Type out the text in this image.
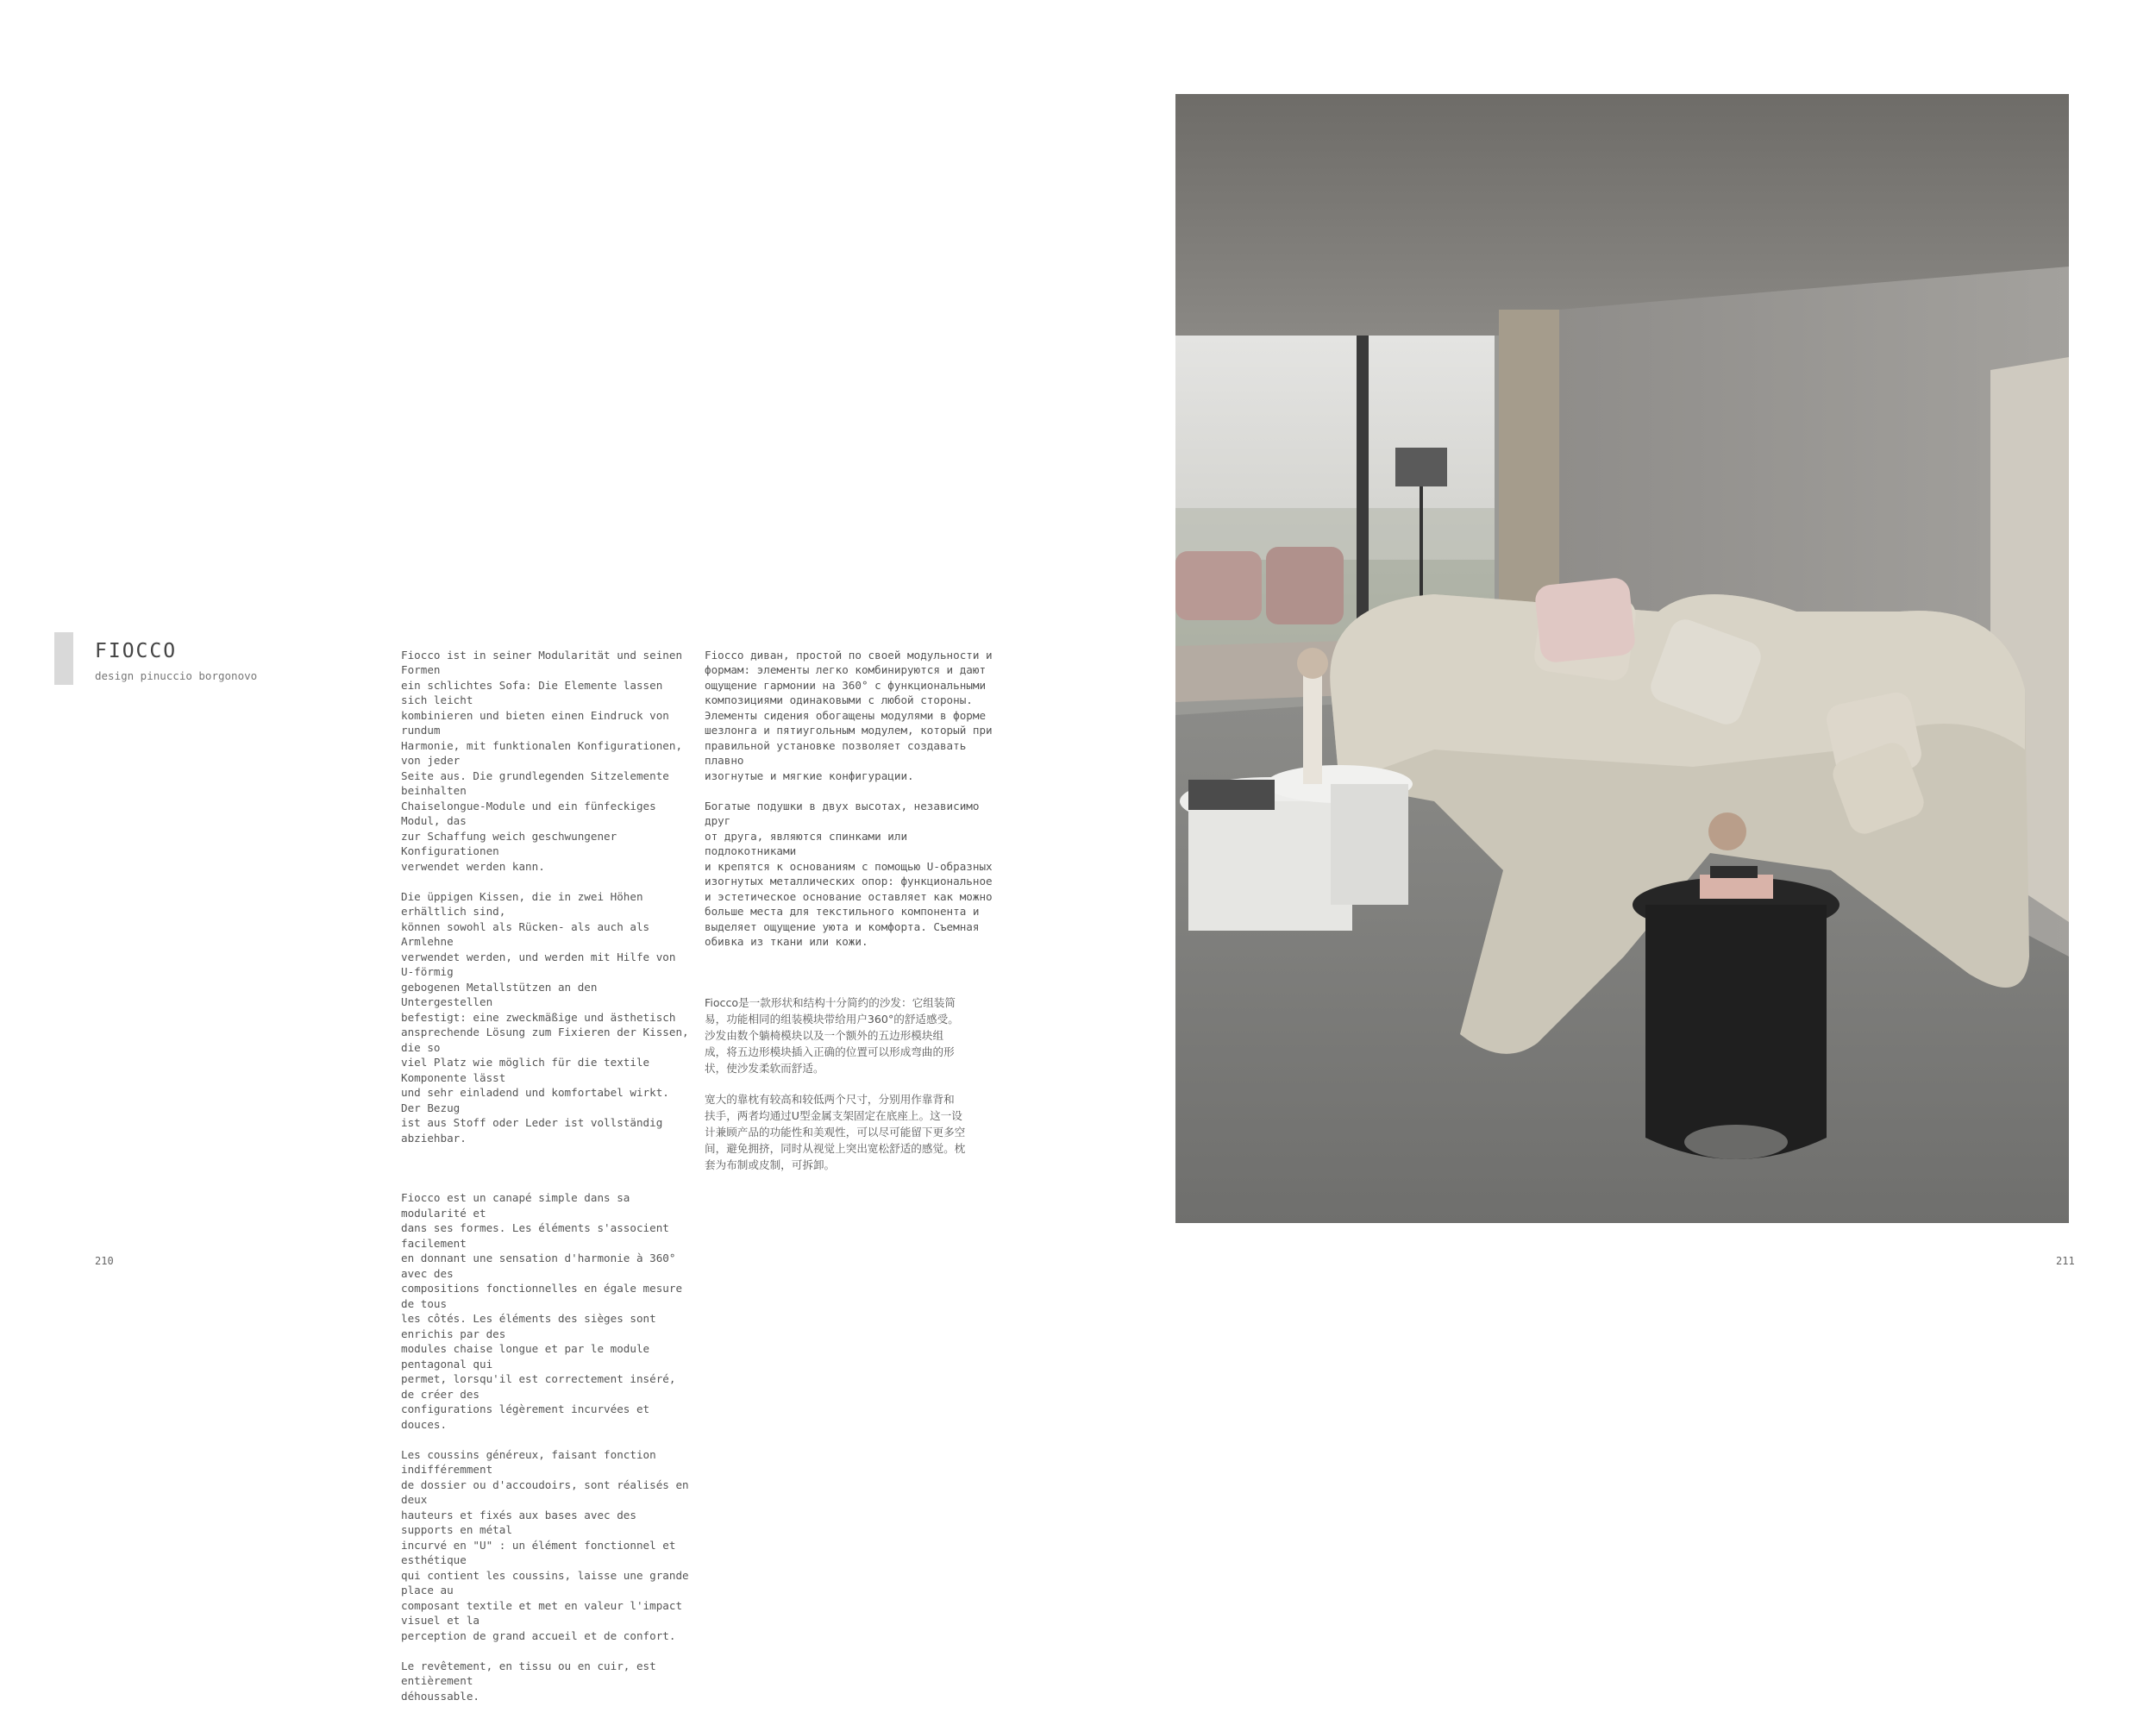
FIOCCO
design pinuccio borgonovo

Fiocco ist in seiner Modularität und seinen Formen
ein schlichtes Sofa: Die Elemente lassen sich leicht
kombinieren und bieten einen Eindruck von rundum
Harmonie, mit funktionalen Konfigurationen, von jeder
Seite aus. Die grundlegenden Sitzelemente beinhalten
Chaiselongue-Module und ein fünfeckiges Modul, das
zur Schaffung weich geschwungener Konfigurationen
verwendet werden kann.

Die üppigen Kissen, die in zwei Höhen erhältlich sind,
können sowohl als Rücken- als auch als Armlehne
verwendet werden, und werden mit Hilfe von U-förmig
gebogenen Metallstützen an den Untergestellen
befestigt: eine zweckmäßige und ästhetisch
ansprechende Lösung zum Fixieren der Kissen, die so
viel Platz wie möglich für die textile Komponente lässt
und sehr einladend und komfortabel wirkt. Der Bezug
ist aus Stoff oder Leder ist vollständig abziehbar.

Fiocco est un canapé simple dans sa modularité et
dans ses formes. Les éléments s'associent facilement
en donnant une sensation d'harmonie à 360° avec des
compositions fonctionnelles en égale mesure de tous
les côtés. Les éléments des sièges sont enrichis par des
modules chaise longue et par le module pentagonal qui
permet, lorsqu'il est correctement inséré, de créer des
configurations légèrement incurvées et douces.

Les coussins généreux, faisant fonction indifféremment
de dossier ou d'accoudoirs, sont réalisés en deux
hauteurs et fixés aux bases avec des supports en métal
incurvé en "U" : un élément fonctionnel et esthétique
qui contient les coussins, laisse une grande place au
composant textile et met en valeur l'impact visuel et la
perception de grand accueil et de confort.

Le revêtement, en tissu ou en cuir, est entièrement
déhoussable.

Fiocco диван, простой по своей модульности и
формам: элементы легко комбинируются и дают
ощущение гармонии на 360° с функциональными
композициями одинаковыми с любой стороны.
Элементы сидения обогащены модулями в форме
шезлонга и пятиугольным модулем, который при
правильной установке позволяет создавать плавно
изогнутые и мягкие конфигурации.

Богатые подушки в двух высотах, независимо друг
от друга, являются спинками или подлокотниками
и крепятся к основаниям с помощью U-образных
изогнутых металлических опор: функциональное
и эстетическое основание оставляет как можно
больше места для текстильного компонента и
выделяет ощущение уюта и комфорта. Съемная
обивка из ткани или кожи.

Fiocco是一款形状和结构十分简约的沙发：它组装简
易，功能相同的组装模块带给用户360°的舒适感受。
沙发由数个躺椅模块以及一个额外的五边形模块组
成，将五边形模块插入正确的位置可以形成弯曲的形
状，使沙发柔软而舒适。

宽大的靠枕有较高和较低两个尺寸，分别用作靠背和
扶手，两者均通过U型金属支架固定在底座上。这一设
计兼顾产品的功能性和美观性，可以尽可能留下更多空
间，避免拥挤，同时从视觉上突出宽松舒适的感觉。枕
套为布制或皮制，可拆卸。

210	211
